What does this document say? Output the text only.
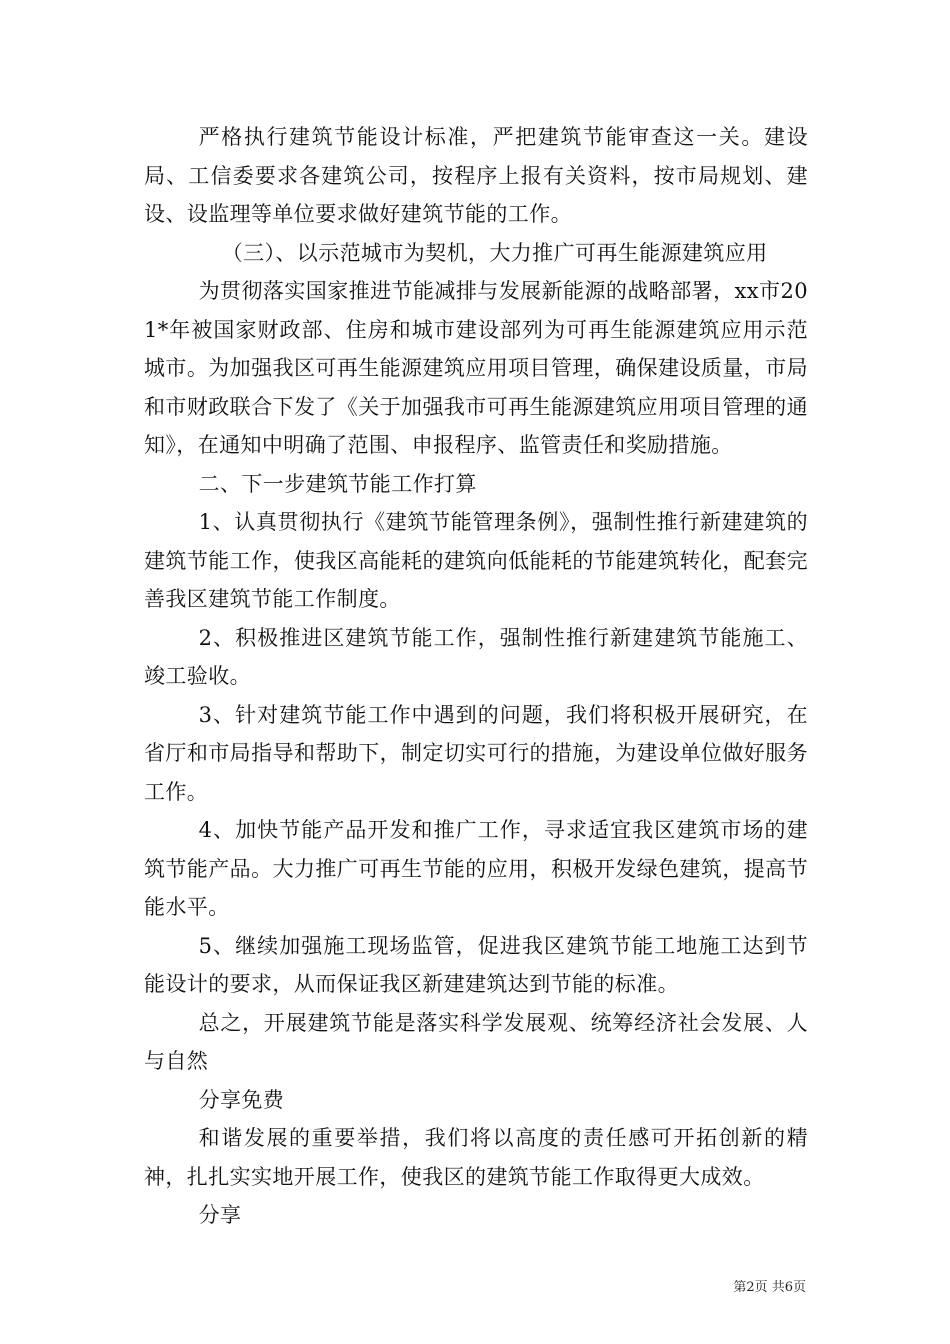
严格执行建筑节能设计标准，严把建筑节能审查这一关。建设局、工信委要求各建筑公司，按程序上报有关资料，按市局规划、建设、设监理等单位要求做好建筑节能的工作。

（三）、以示范城市为契机，大力推广可再生能源建筑应用

为贯彻落实国家推进节能减排与发展新能源的战略部署，xx市201*年被国家财政部、住房和城市建设部列为可再生能源建筑应用示范城市。为加强我区可再生能源建筑应用项目管理，确保建设质量，市局和市财政联合下发了《关于加强我市可再生能源建筑应用项目管理的通知》，在通知中明确了范围、申报程序、监管责任和奖励措施。

二、下一步建筑节能工作打算

1、认真贯彻执行《建筑节能管理条例》，强制性推行新建建筑的建筑节能工作，使我区高能耗的建筑向低能耗的节能建筑转化，配套完善我区建筑节能工作制度。

2、积极推进区建筑节能工作，强制性推行新建建筑节能施工、竣工验收。

3、针对建筑节能工作中遇到的问题，我们将积极开展研究，在省厅和市局指导和帮助下，制定切实可行的措施，为建设单位做好服务工作。

4、加快节能产品开发和推广工作，寻求适宜我区建筑市场的建筑节能产品。大力推广可再生节能的应用，积极开发绿色建筑，提高节能水平。

5、继续加强施工现场监管，促进我区建筑节能工地施工达到节能设计的要求，从而保证我区新建建筑达到节能的标准。

总之，开展建筑节能是落实科学发展观、统筹经济社会发展、人与自然

分享免费

和谐发展的重要举措，我们将以高度的责任感可开拓创新的精神，扎扎实实地开展工作，使我区的建筑节能工作取得更大成效。

分享

第2页 共6页
